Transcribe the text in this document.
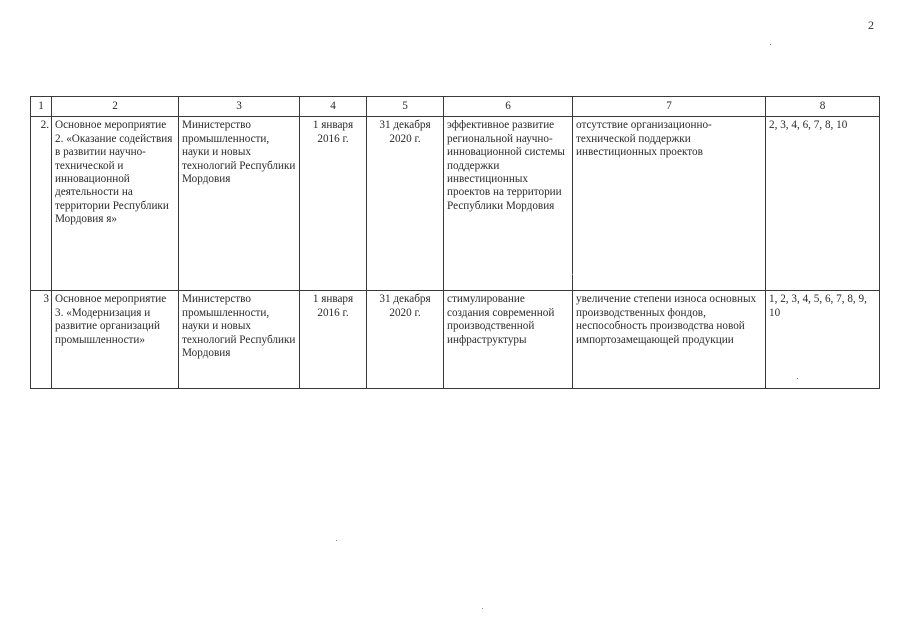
2
1	2	3	4	5	6	7	8
2.	Основное мероприятие 2. «Оказание содействия в развитии научно-технической и инновационной деятельности на территории Республики Мордовия я»	Министерство промышленности, науки и новых технологий Республики Мордовия	1 января 2016 г.	31 декабря 2020 г.	эффективное развитие региональной научно-инновационной системы поддержки инвестиционных проектов на территории Республики Мордовия	отсутствие организационно-технической поддержки инвестиционных проектов	2, 3, 4, 6, 7, 8, 10
3	Основное мероприятие 3. «Модернизация и развитие организаций промышленности»	Министерство промышленности, науки и новых технологий Республики Мордовия	1 января 2016 г.	31 декабря 2020 г.	стимулирование создания современной производственной инфраструктуры	увеличение степени износа основных производственных фондов, неспособность производства новой импортозамещающей продукции	1, 2, 3, 4, 5, 6, 7, 8, 9, 10
